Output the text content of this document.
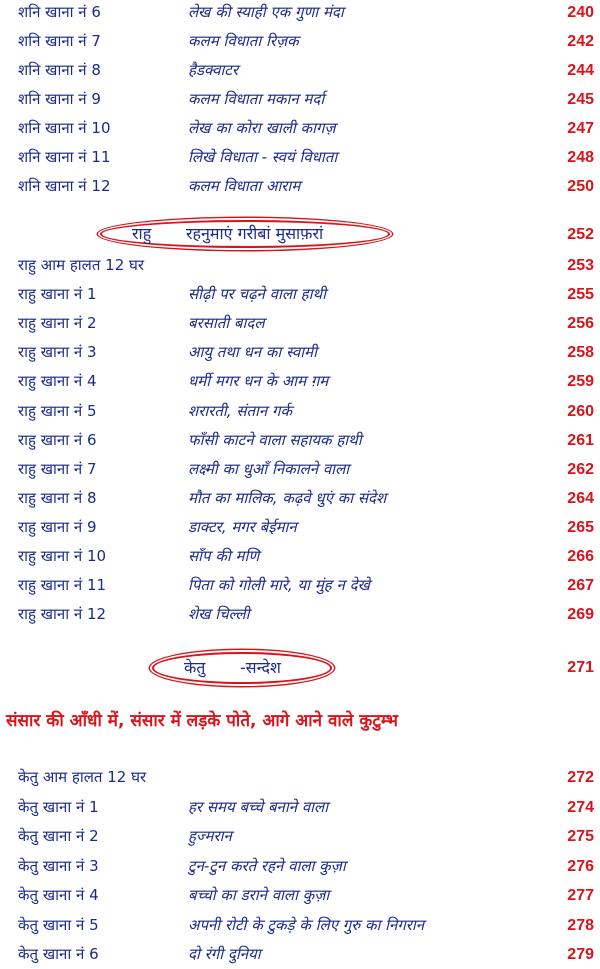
शनि खाना नं 6	लेख की स्याही एक गुणा मंदा	240
शनि खाना नं 7	कलम विधाता रिज़क	242
शनि खाना नं 8	हैडक्वाटर	244
शनि खाना नं 9	कलम विधाता मकान मर्दा	245
शनि खाना नं 10	लेख का कोरा खाली कागज़	247
शनि खाना नं 11	लिखे विधाता - स्वयं विधाता	248
शनि खाना नं 12	कलम विधाता आराम	250
राहु रहनुमाएं गरीबां मुसाफ़रां	252
राहु आम हालत 12 घर	253
राहु खाना नं 1	सीढ़ी पर चढ़ने वाला हाथी	255
राहु खाना नं 2	बरसाती बादल	256
राहु खाना नं 3	आयु तथा धन का स्वामी	258
राहु खाना नं 4	धर्मी मगर धन के आम ग़म	259
राहु खाना नं 5	शरारती, संतान गर्क	260
राहु खाना नं 6	फाँसी काटने वाला सहायक हाथी	261
राहु खाना नं 7	लक्ष्मी का धुआँ निकालने वाला	262
राहु खाना नं 8	मौत का मालिक, कढ़वे धुएं का संदेश	264
राहु खाना नं 9	डाक्टर, मगर बेईमान	265
राहु खाना नं 10	साँप की मणि	266
राहु खाना नं 11	पिता को गोली मारे, या मुंह न देखे	267
राहु खाना नं 12	शेख चिल्ली	269
केतु -सन्देश	271
संसार की आँधी में, संसार में लड़के पोते, आगे आने वाले कुटुम्भ
केतु आम हालत 12 घर	272
केतु खाना नं 1	हर समय बच्चे बनाने वाला	274
केतु खाना नं 2	हुज्मरान	275
केतु खाना नं 3	टुन-टुन करते रहने वाला कुज़ा	276
केतु खाना नं 4	बच्चो का डराने वाला कुज़ा	277
केतु खाना नं 5	अपनी रोटी के टुकड़े के लिए गुरु का निगरान	278
केतु खाना नं 6	दो रंगी दुनिया	279
